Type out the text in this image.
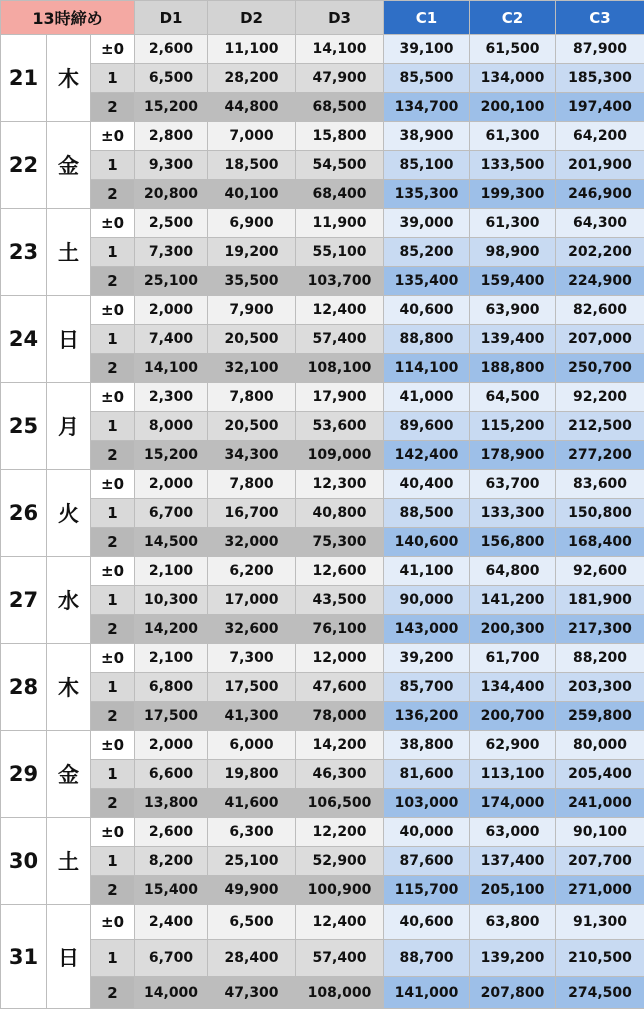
13時締め			D1	D2	D3	C1	C2	C3
21	木	±0	2,600	11,100	14,100	39,100	61,500	87,900
		1	6,500	28,200	47,900	85,500	134,000	185,300
		2	15,200	44,800	68,500	134,700	200,100	197,400
22	金	±0	2,800	7,000	15,800	38,900	61,300	64,200
		1	9,300	18,500	54,500	85,100	133,500	201,900
		2	20,800	40,100	68,400	135,300	199,300	246,900
23	土	±0	2,500	6,900	11,900	39,000	61,300	64,300
		1	7,300	19,200	55,100	85,200	98,900	202,200
		2	25,100	35,500	103,700	135,400	159,400	224,900
24	日	±0	2,000	7,900	12,400	40,600	63,900	82,600
		1	7,400	20,500	57,400	88,800	139,400	207,000
		2	14,100	32,100	108,100	114,100	188,800	250,700
25	月	±0	2,300	7,800	17,900	41,000	64,500	92,200
		1	8,000	20,500	53,600	89,600	115,200	212,500
		2	15,200	34,300	109,000	142,400	178,900	277,200
26	火	±0	2,000	7,800	12,300	40,400	63,700	83,600
		1	6,700	16,700	40,800	88,500	133,300	150,800
		2	14,500	32,000	75,300	140,600	156,800	168,400
27	水	±0	2,100	6,200	12,600	41,100	64,800	92,600
		1	10,300	17,000	43,500	90,000	141,200	181,900
		2	14,200	32,600	76,100	143,000	200,300	217,300
28	木	±0	2,100	7,300	12,000	39,200	61,700	88,200
		1	6,800	17,500	47,600	85,700	134,400	203,300
		2	17,500	41,300	78,000	136,200	200,700	259,800
29	金	±0	2,000	6,000	14,200	38,800	62,900	80,000
		1	6,600	19,800	46,300	81,600	113,100	205,400
		2	13,800	41,600	106,500	103,000	174,000	241,000
30	土	±0	2,600	6,300	12,200	40,000	63,000	90,100
		1	8,200	25,100	52,900	87,600	137,400	207,700
		2	15,400	49,900	100,900	115,700	205,100	271,000
31	日	±0	2,400	6,500	12,400	40,600	63,800	91,300
		1	6,700	28,400	57,400	88,700	139,200	210,500
		2	14,000	47,300	108,000	141,000	207,800	274,500
